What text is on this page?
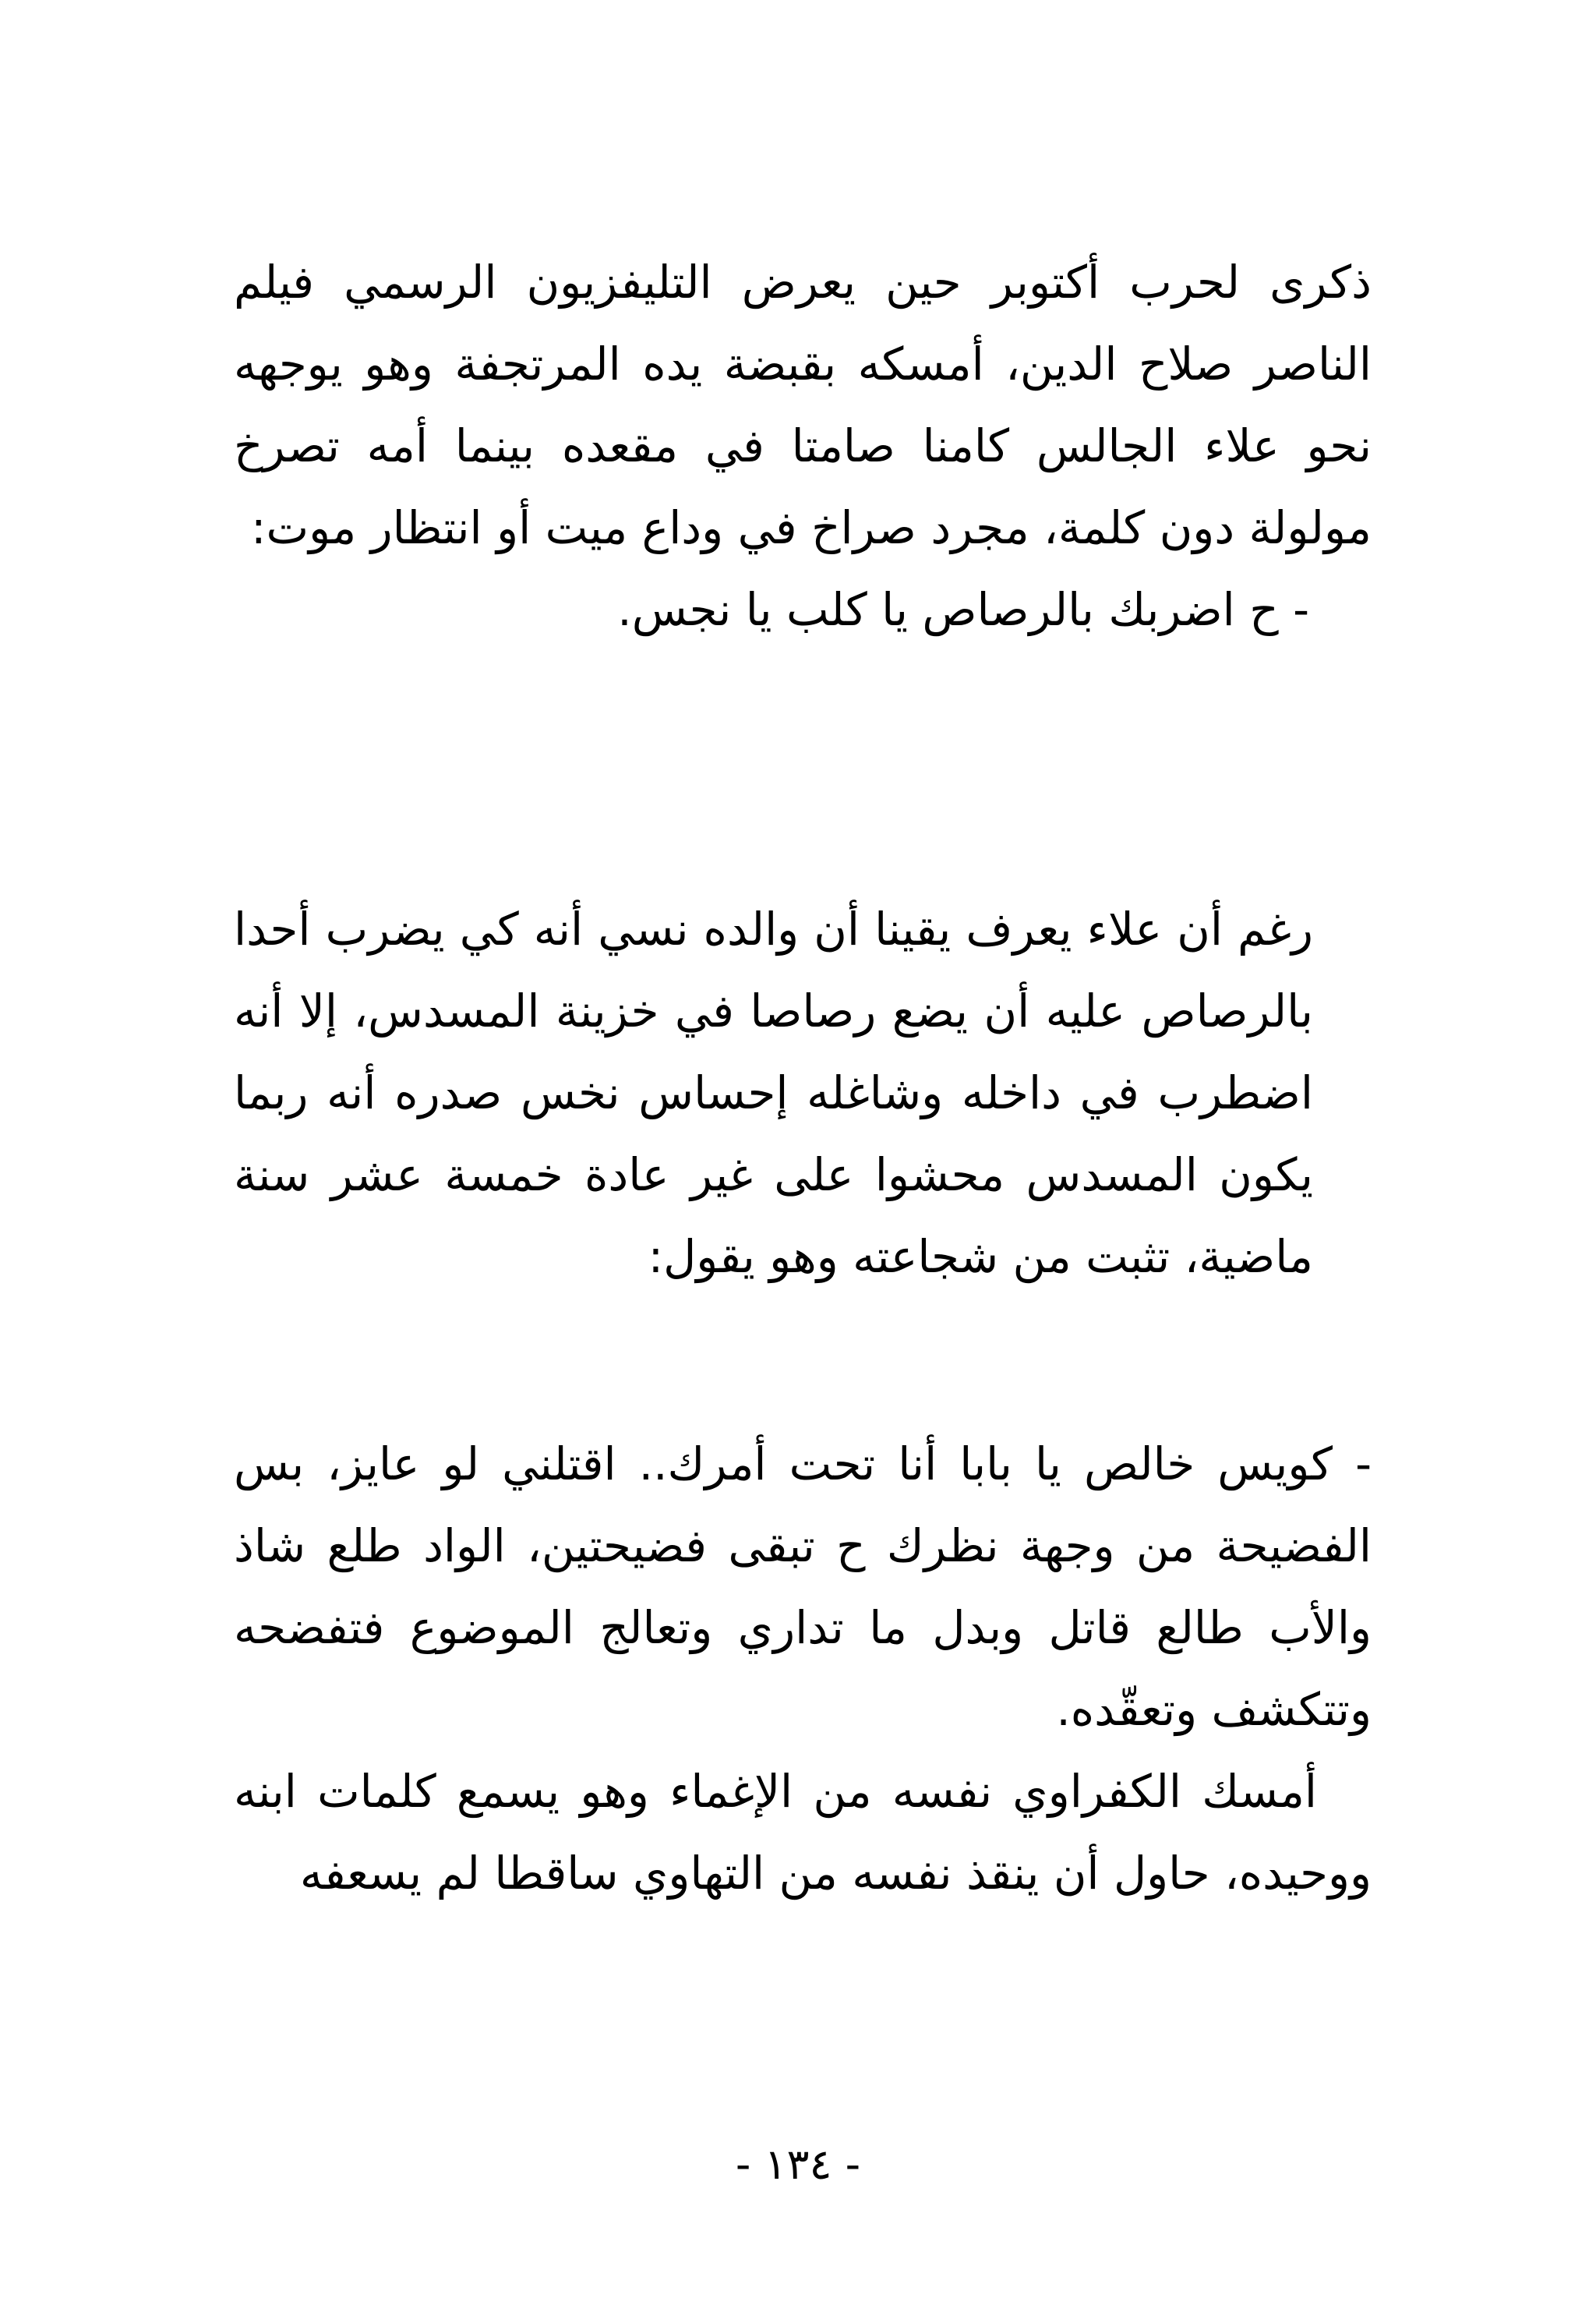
ذكرى لحرب أكتوبر حين يعرض التليفزيون الرسمي فيلم الناصر صلاح الدين، أمسكه بقبضة يده المرتجفة وهو يوجهه نحو علاء الجالس كامنا صامتا في مقعده بينما أمه تصرخ مولولة دون كلمة، مجرد صراخ في وداع ميت أو انتظار موت:

- ح اضربك بالرصاص يا كلب يا نجس.

رغم أن علاء يعرف يقينا أن والده نسي أنه كي يضرب أحدا بالرصاص عليه أن يضع رصاصا في خزينة المسدس، إلا أنه اضطرب في داخله وشاغله إحساس نخس صدره أنه ربما يكون المسدس محشوا على غير عادة خمسة عشر سنة ماضية، تثبت من شجاعته وهو يقول:

- كويس خالص يا بابا أنا تحت أمرك.. اقتلني لو عايز، بس الفضيحة من وجهة نظرك ح تبقى فضيحتين، الواد طلع شاذ والأب طالع قاتل وبدل ما تداري وتعالج الموضوع فتفضحه وتتكشف وتعقّده.

أمسك الكفراوي نفسه من الإغماء وهو يسمع كلمات ابنه ووحيده، حاول أن ينقذ نفسه من التهاوي ساقطا لم يسعفه

- ١٣٤ -
